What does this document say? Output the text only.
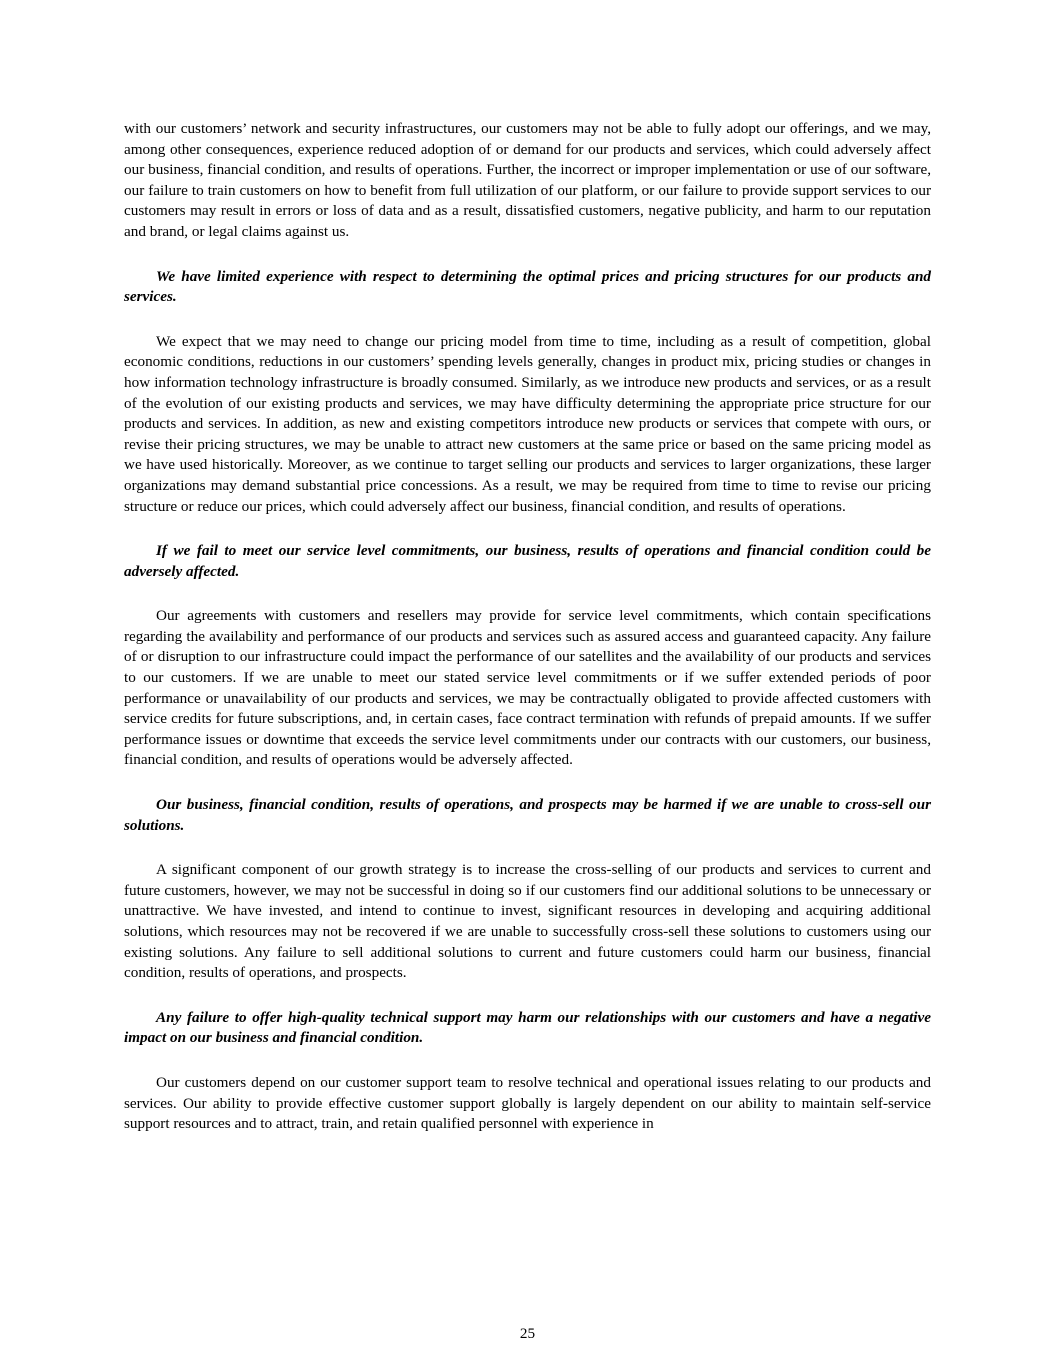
with our customers’ network and security infrastructures, our customers may not be able to fully adopt our offerings, and we may, among other consequences, experience reduced adoption of or demand for our products and services, which could adversely affect our business, financial condition, and results of operations. Further, the incorrect or improper implementation or use of our software, our failure to train customers on how to benefit from full utilization of our platform, or our failure to provide support services to our customers may result in errors or loss of data and as a result, dissatisfied customers, negative publicity, and harm to our reputation and brand, or legal claims against us.

We have limited experience with respect to determining the optimal prices and pricing structures for our products and services.

We expect that we may need to change our pricing model from time to time, including as a result of competition, global economic conditions, reductions in our customers’ spending levels generally, changes in product mix, pricing studies or changes in how information technology infrastructure is broadly consumed. Similarly, as we introduce new products and services, or as a result of the evolution of our existing products and services, we may have difficulty determining the appropriate price structure for our products and services. In addition, as new and existing competitors introduce new products or services that compete with ours, or revise their pricing structures, we may be unable to attract new customers at the same price or based on the same pricing model as we have used historically. Moreover, as we continue to target selling our products and services to larger organizations, these larger organizations may demand substantial price concessions. As a result, we may be required from time to time to revise our pricing structure or reduce our prices, which could adversely affect our business, financial condition, and results of operations.

If we fail to meet our service level commitments, our business, results of operations and financial condition could be adversely affected.

Our agreements with customers and resellers may provide for service level commitments, which contain specifications regarding the availability and performance of our products and services such as assured access and guaranteed capacity. Any failure of or disruption to our infrastructure could impact the performance of our satellites and the availability of our products and services to our customers. If we are unable to meet our stated service level commitments or if we suffer extended periods of poor performance or unavailability of our products and services, we may be contractually obligated to provide affected customers with service credits for future subscriptions, and, in certain cases, face contract termination with refunds of prepaid amounts. If we suffer performance issues or downtime that exceeds the service level commitments under our contracts with our customers, our business, financial condition, and results of operations would be adversely affected.

Our business, financial condition, results of operations, and prospects may be harmed if we are unable to cross-sell our solutions.

A significant component of our growth strategy is to increase the cross-selling of our products and services to current and future customers, however, we may not be successful in doing so if our customers find our additional solutions to be unnecessary or unattractive. We have invested, and intend to continue to invest, significant resources in developing and acquiring additional solutions, which resources may not be recovered if we are unable to successfully cross-sell these solutions to customers using our existing solutions. Any failure to sell additional solutions to current and future customers could harm our business, financial condition, results of operations, and prospects.

Any failure to offer high-quality technical support may harm our relationships with our customers and have a negative impact on our business and financial condition.

Our customers depend on our customer support team to resolve technical and operational issues relating to our products and services. Our ability to provide effective customer support globally is largely dependent on our ability to maintain self-service support resources and to attract, train, and retain qualified personnel with experience in

25
